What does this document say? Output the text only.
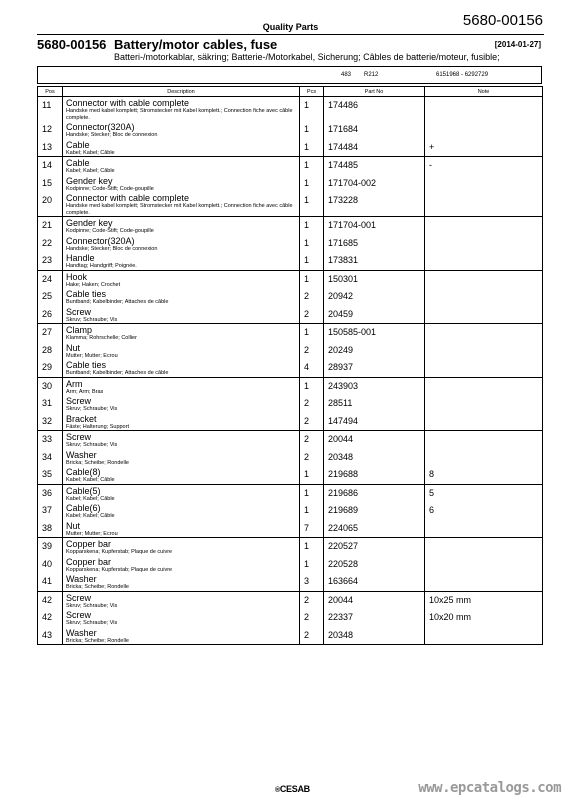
Quality Parts	5680-00156
5680-00156 Battery/motor cables, fuse	[2014-01-27]
Batteri-/motorkablar, säkring; Batterie-/Motorkabel, Sicherung; Câbles de batterie/moteur, fusible;
483 R212	6151968 - 6292729
Pos	Description	Pcs	Part No	Note

11	Connector with cable complete
Handske med kabel komplett; Stromstecker mit Kabel komplett.; Connection fiche avec câble complete.	1	174486	

12	Connector(320A)
Handske; Stecker; Bloc de connexion	1	171684	

13	Cable
Kabel; Kabel; Câble	1	174484	+

14	Cable
Kabel; Kabel; Câble	1	174485	-

15	Gender key
Kodpinne; Code-Stift; Code-goupille	1	171704-002	

20	Connector with cable complete
Handske med kabel komplett; Stromstecker mit Kabel komplett.; Connection fiche avec câble complete.	1	173228	

21	Gender key
Kodpinne; Code-Stift; Code-goupille	1	171704-001	

22	Connector(320A)
Handske; Stecker; Bloc de connexion	1	171685	

23	Handle
Handtag; Handgriff; Poignée.	1	173831	

24	Hook
Hake; Haken; Crochet	1	150301	

25	Cable ties
Buntband; Kabelbinder; Attaches de câble	2	20942	

26	Screw
Skruv; Schraube; Vis	2	20459	

27	Clamp
Klamma; Rohrschelle; Collier	1	150585-001	

28	Nut
Mutter; Mutter; Ecrou	2	20249	

29	Cable ties
Buntband; Kabelbinder; Attaches de câble	4	28937	

30	Arm
Arm; Arm; Bras	1	243903	

31	Screw
Skruv; Schraube; Vis	2	28511	

32	Bracket
Fäste; Halterung; Support	2	147494	

33	Screw
Skruv; Schraube; Vis	2	20044	

34	Washer
Bricka; Scheibe; Rondelle	2	20348	

35	Cable(8)
Kabel; Kabel; Câble	1	219688	8

36	Cable(5)
Kabel; Kabel; Câble	1	219686	5

37	Cable(6)
Kabel; Kabel; Câble	1	219689	6

38	Nut
Mutter; Mutter; Ecrou	7	224065	

39	Copper bar
Kopparskena; Kupferstab; Plaque de cuivre	1	220527	

40	Copper bar
Kopparskena; Kupferstab; Plaque de cuivre	1	220528	

41	Washer
Bricka; Scheibe; Rondelle	3	163664	

42	Screw
Skruv; Schraube; Vis	2	20044	10x25 mm

42	Screw
Skruv; Schraube; Vis	2	22337	10x20 mm

43	Washer
Bricka; Scheibe; Rondelle	2	20348	

®CESAB	www.epcatalogs.com
